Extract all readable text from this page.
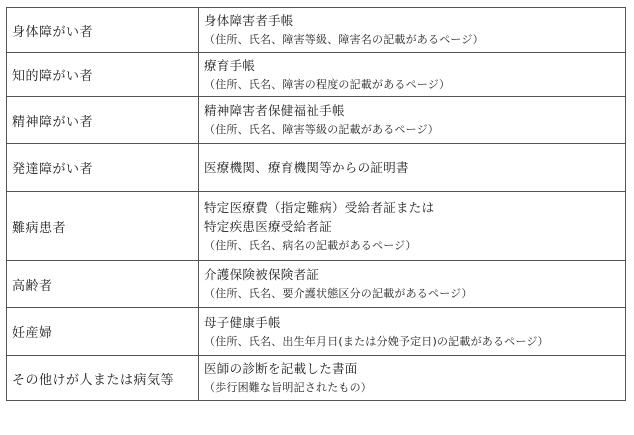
身体障がい者	身体障害者手帳
（住所、氏名、障害等級、障害名の記載があるページ）

知的障がい者	療育手帳
（住所、氏名、障害の程度の記載があるページ）

精神障がい者	精神障害者保健福祉手帳
（住所、氏名、障害等級の記載があるページ）

発達障がい者	医療機関、療育機関等からの証明書

難病患者	特定医療費（指定難病）受給者証または
特定疾患医療受給者証
（住所、氏名、病名の記載があるページ）

高齢者	介護保険被保険者証
（住所、氏名、要介護状態区分の記載があるページ）

妊産婦	母子健康手帳
（住所、氏名、出生年月日(または分娩予定日)の記載があるページ）

その他けが人または病気等	医師の診断を記載した書面
（歩行困難な旨明記されたもの）
